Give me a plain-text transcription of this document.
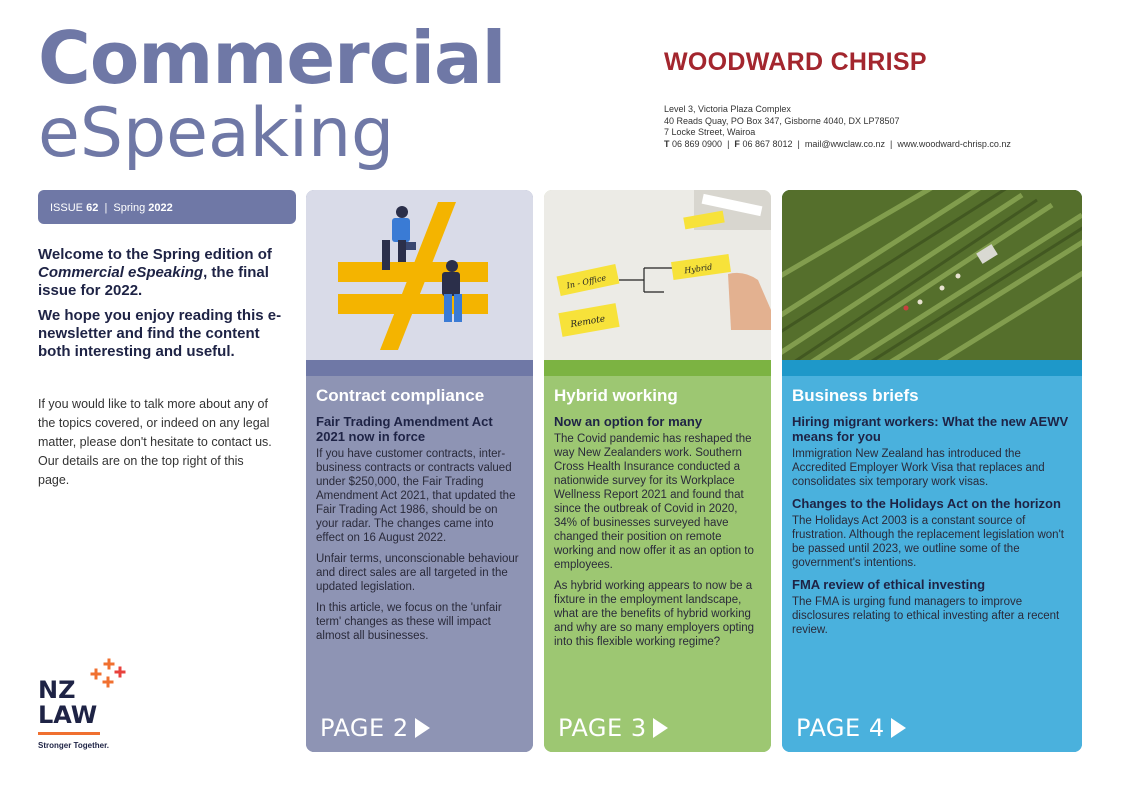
Commercial
eSpeaking
WOODWARD CHRISP
Level 3, Victoria Plaza Complex
40 Reads Quay, PO Box 347, Gisborne 4040, DX LP78507
7 Locke Street, Wairoa
T 06 869 0900  |  F 06 867 8012  |  mail@wwclaw.co.nz  |  www.woodward-chrisp.co.nz
ISSUE 62  |  Spring 2022

Welcome to the Spring edition of Commercial eSpeaking, the final issue for 2022.

We hope you enjoy reading this e-newsletter and find the content both interesting and useful.

If you would like to talk more about any of the topics covered, or indeed on any legal matter, please don't hesitate to contact us. Our details are on the top right of this page.
NZ
LAW
Stronger Together.
Contract compliance
Fair Trading Amendment Act 2021 now in force

If you have customer contracts, inter-business contracts or contracts valued under $250,000, the Fair Trading Amendment Act 2021, that updated the Fair Trading Act 1986, should be on your radar. The changes came into effect on 16 August 2022.

Unfair terms, unconscionable behaviour and direct sales are all targeted in the updated legislation.

In this article, we focus on the 'unfair term' changes as these will impact almost all businesses.

PAGE 2
In - Office
Hybrid
Remote
Hybrid working
Now an option for many

The Covid pandemic has reshaped the way New Zealanders work. Southern Cross Health Insurance conducted a nationwide survey for its Workplace Wellness Report 2021 and found that since the outbreak of Covid in 2020, 34% of businesses surveyed have changed their position on remote working and now offer it as an option to employees.

As hybrid working appears to now be a fixture in the employment landscape, what are the benefits of hybrid working and why are so many employers opting into this flexible working regime?

PAGE 3
Business briefs
Hiring migrant workers: What the new AEWV means for you

Immigration New Zealand has introduced the Accredited Employer Work Visa that replaces and consolidates six temporary work visas.

Changes to the Holidays Act on the horizon

The Holidays Act 2003 is a constant source of frustration. Although the replacement legislation won't be passed until 2023, we outline some of the government's intentions.

FMA review of ethical investing

The FMA is urging fund managers to improve disclosures relating to ethical investing after a recent review.

PAGE 4
